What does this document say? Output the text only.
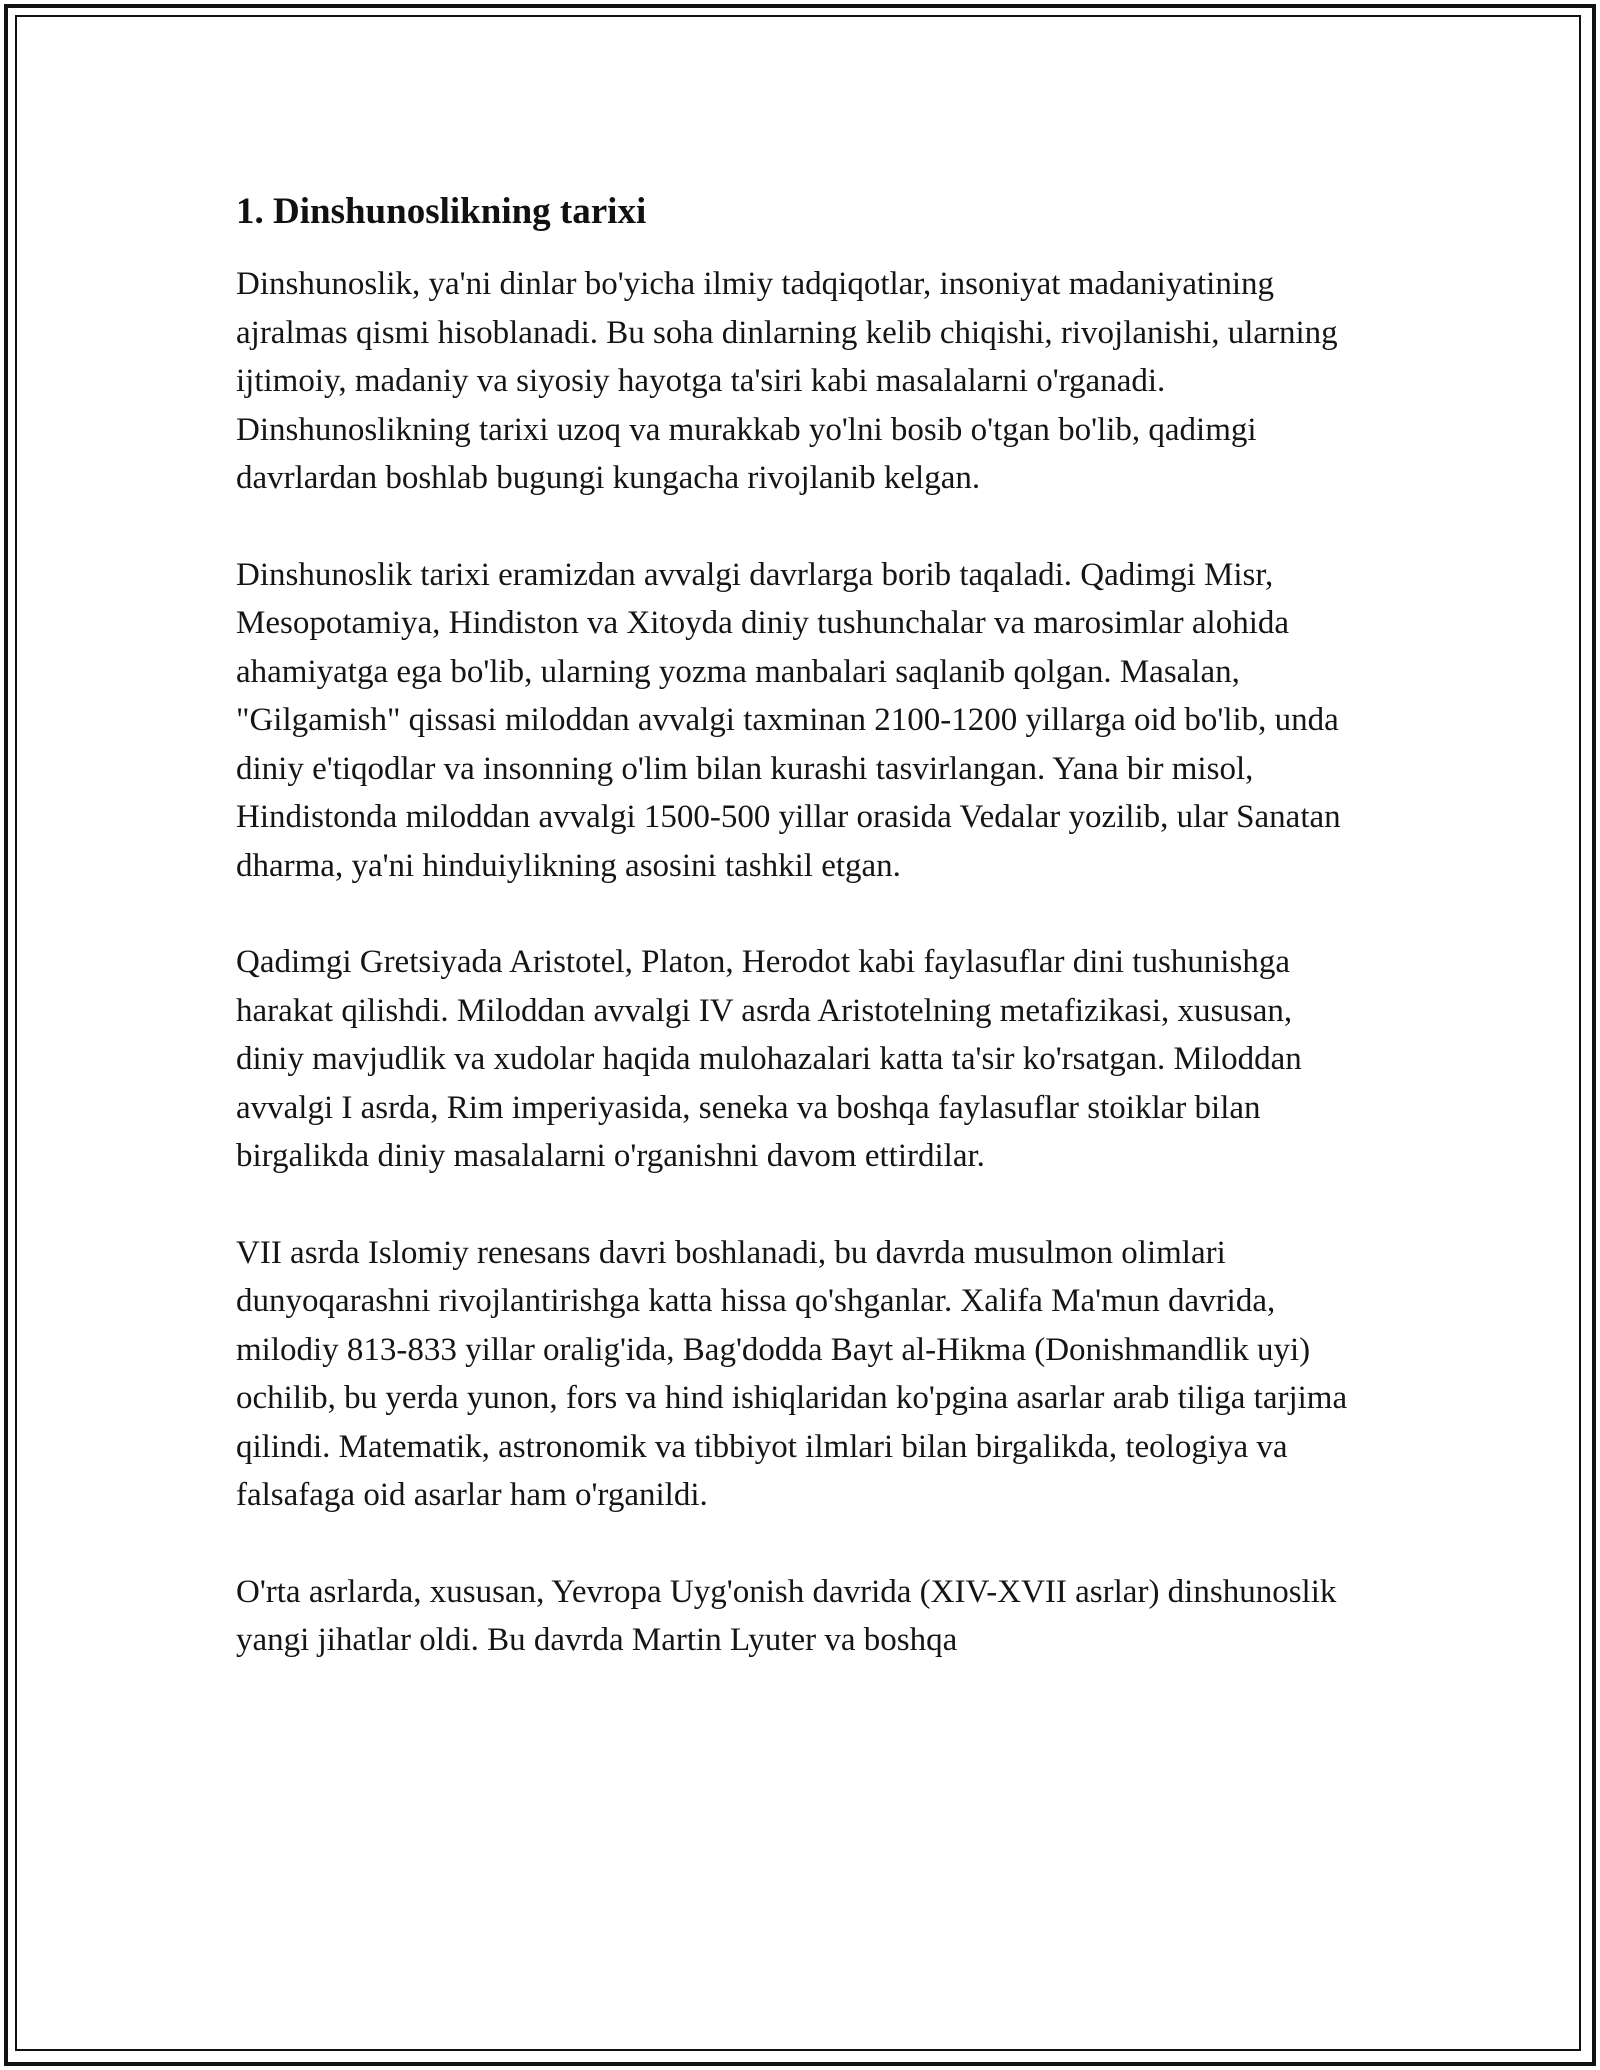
1. Dinshunoslikning tarixi

Dinshunoslik, ya'ni dinlar bo'yicha ilmiy tadqiqotlar, insoniyat madaniyatining ajralmas qismi hisoblanadi. Bu soha dinlarning kelib chiqishi, rivojlanishi, ularning ijtimoiy, madaniy va siyosiy hayotga ta'siri kabi masalalarni o'rganadi. Dinshunoslikning tarixi uzoq va murakkab yo'lni bosib o'tgan bo'lib, qadimgi davrlardan boshlab bugungi kungacha rivojlanib kelgan.

Dinshunoslik tarixi eramizdan avvalgi davrlarga borib taqaladi. Qadimgi Misr, Mesopotamiya, Hindiston va Xitoyda diniy tushunchalar va marosimlar alohida ahamiyatga ega bo'lib, ularning yozma manbalari saqlanib qolgan. Masalan, "Gilgamish" qissasi miloddan avvalgi taxminan 2100-1200 yillarga oid bo'lib, unda diniy e'tiqodlar va insonning o'lim bilan kurashi tasvirlangan. Yana bir misol, Hindistonda miloddan avvalgi 1500-500 yillar orasida Vedalar yozilib, ular Sanatan dharma, ya'ni hinduiylikning asosini tashkil etgan.

Qadimgi Gretsiyada Aristotel, Platon, Herodot kabi faylasuflar dini tushunishga harakat qilishdi. Miloddan avvalgi IV asrda Aristotelning metafizikasi, xususan, diniy mavjudlik va xudolar haqida mulohazalari katta ta'sir ko'rsatgan. Miloddan avvalgi I asrda, Rim imperiyasida, seneka va boshqa faylasuflar stoiklar bilan birgalikda diniy masalalarni o'rganishni davom ettirdilar.

VII asrda Islomiy renesans davri boshlanadi, bu davrda musulmon olimlari dunyoqarashni rivojlantirishga katta hissa qo'shganlar. Xalifa Ma'mun davrida, milodiy 813-833 yillar oralig'ida, Bag'dodda Bayt al-Hikma (Donishmandlik uyi) ochilib, bu yerda yunon, fors va hind ishiqlaridan ko'pgina asarlar arab tiliga tarjima qilindi. Matematik, astronomik va tibbiyot ilmlari bilan birgalikda, teologiya va falsafaga oid asarlar ham o'rganildi.

O'rta asrlarda, xususan, Yevropa Uyg'onish davrida (XIV-XVII asrlar) dinshunoslik yangi jihatlar oldi. Bu davrda Martin Lyuter va boshqa
